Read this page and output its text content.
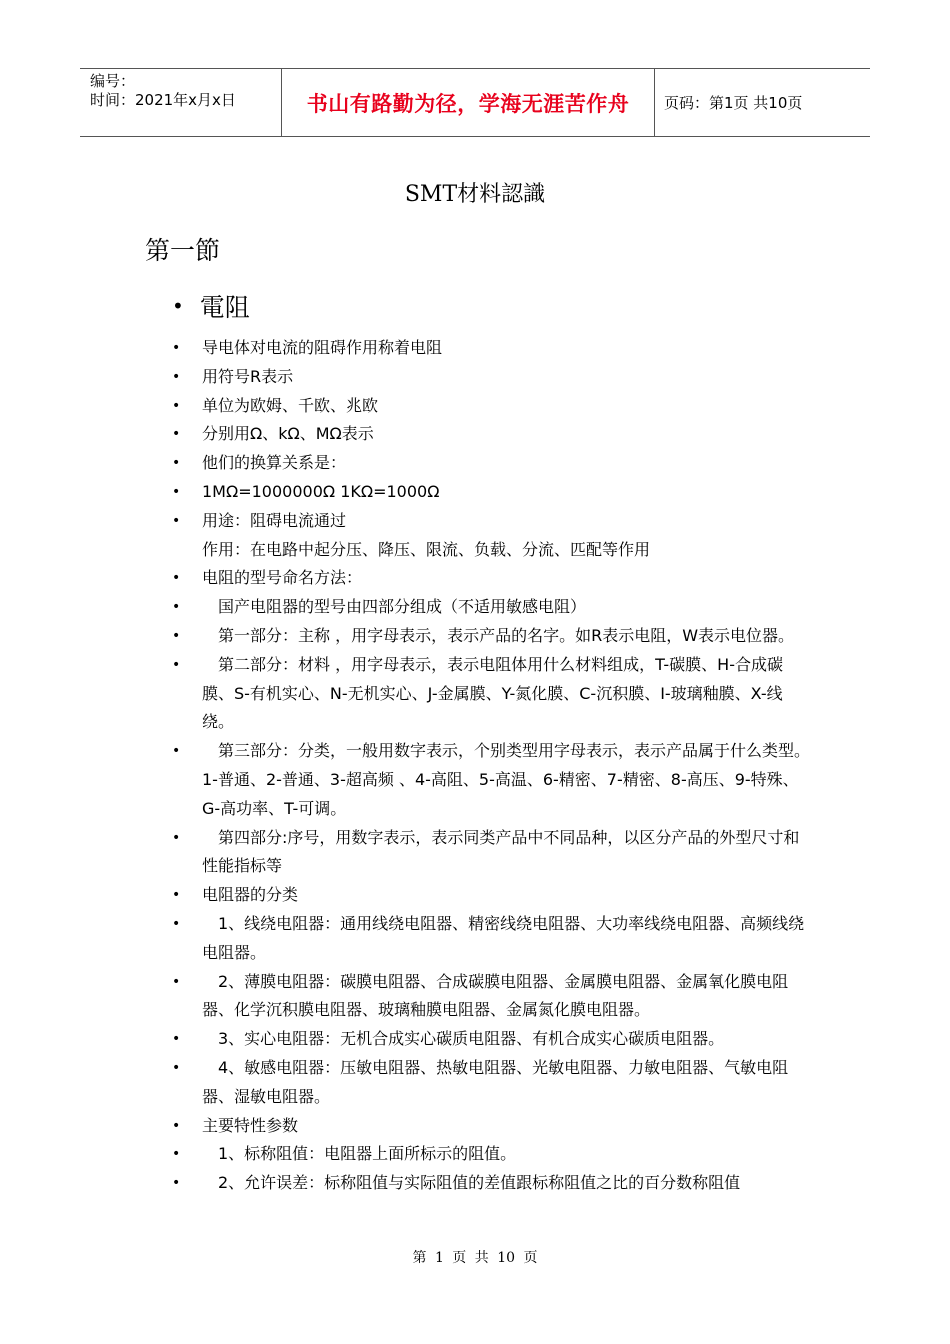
编号：
时间：2021年x月x日	书山有路勤为径，学海无涯苦作舟	页码：第1页 共10页
SMT材料認識
第一節
• 電阻
• 导电体对电流的阻碍作用称着电阻
• 用符号R表示
• 单位为欧姆、千欧、兆欧
• 分别用Ω、kΩ、MΩ表示
• 他们的换算关系是：
• 1MΩ=1000000Ω 1KΩ=1000Ω
• 用途：阻碍电流通过
作用：在电路中起分压、降压、限流、负载、分流、匹配等作用
• 电阻的型号命名方法：
• 　国产电阻器的型号由四部分组成（不适用敏感电阻）
• 　第一部分：主称 ，用字母表示，表示产品的名字。如R表示电阻，W表示电位器。
• 　第二部分：材料 ，用字母表示，表示电阻体用什么材料组成，T-碳膜、H-合成碳膜、S-有机实心、N-无机实心、J-金属膜、Y-氮化膜、C-沉积膜、I-玻璃釉膜、X-线绕。
• 　第三部分：分类，一般用数字表示，个别类型用字母表示，表示产品属于什么类型。1-普通、2-普通、3-超高频 、4-高阻、5-高温、6-精密、7-精密、8-高压、9-特殊、G-高功率、T-可调。
• 　第四部分:序号，用数字表示，表示同类产品中不同品种，以区分产品的外型尺寸和性能指标等
• 电阻器的分类
• 　1、线绕电阻器：通用线绕电阻器、精密线绕电阻器、大功率线绕电阻器、高频线绕电阻器。
• 　2、薄膜电阻器：碳膜电阻器、合成碳膜电阻器、金属膜电阻器、金属氧化膜电阻器、化学沉积膜电阻器、玻璃釉膜电阻器、金属氮化膜电阻器。
• 　3、实心电阻器：无机合成实心碳质电阻器、有机合成实心碳质电阻器。
• 　4、敏感电阻器：压敏电阻器、热敏电阻器、光敏电阻器、力敏电阻器、气敏电阻器、湿敏电阻器。
• 主要特性参数
• 　1、标称阻值：电阻器上面所标示的阻值。
• 　2、允许误差：标称阻值与实际阻值的差值跟标称阻值之比的百分数称阻值
第 1 页 共 10 页
